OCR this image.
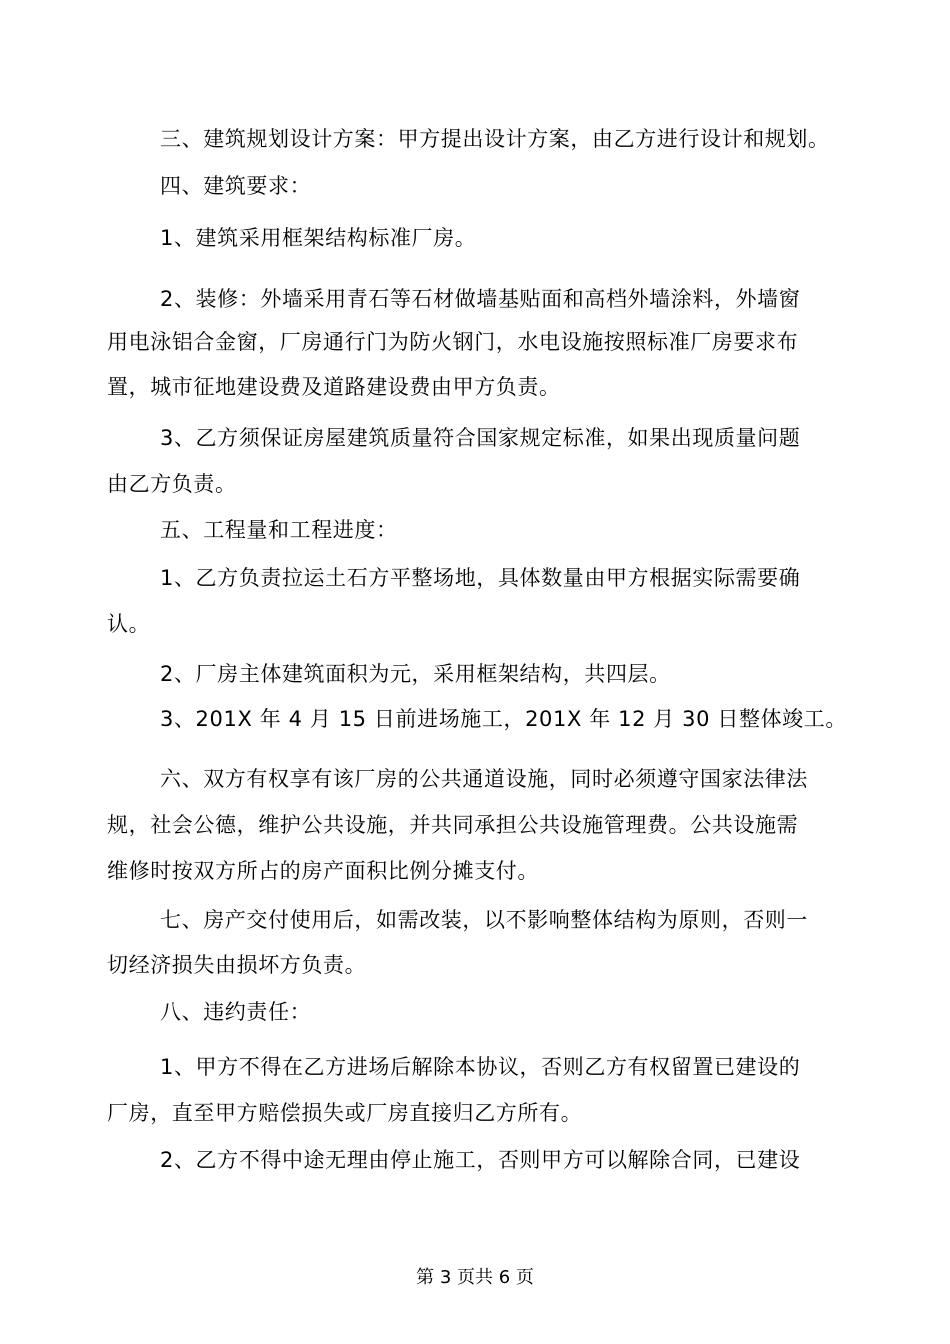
三、建筑规划设计方案：甲方提出设计方案，由乙方进行设计和规划。
四、建筑要求：
1、建筑采用框架结构标准厂房。
2、装修：外墙采用青石等石材做墙基贴面和高档外墙涂料，外墙窗
用电泳铝合金窗，厂房通行门为防火钢门，水电设施按照标准厂房要求布
置，城市征地建设费及道路建设费由甲方负责。
3、乙方须保证房屋建筑质量符合国家规定标准，如果出现质量问题
由乙方负责。
五、工程量和工程进度：
1、乙方负责拉运土石方平整场地，具体数量由甲方根据实际需要确
认。
2、厂房主体建筑面积为元，采用框架结构，共四层。
3、201X 年 4 月 15 日前进场施工，201X 年 12 月 30 日整体竣工。
六、双方有权享有该厂房的公共通道设施，同时必须遵守国家法律法
规，社会公德，维护公共设施，并共同承担公共设施管理费。公共设施需
维修时按双方所占的房产面积比例分摊支付。
七、房产交付使用后，如需改装，以不影响整体结构为原则，否则一
切经济损失由损坏方负责。
八、违约责任：
1、甲方不得在乙方进场后解除本协议，否则乙方有权留置已建设的
厂房，直至甲方赔偿损失或厂房直接归乙方所有。
2、乙方不得中途无理由停止施工，否则甲方可以解除合同，已建设
第 3 页共 6 页
